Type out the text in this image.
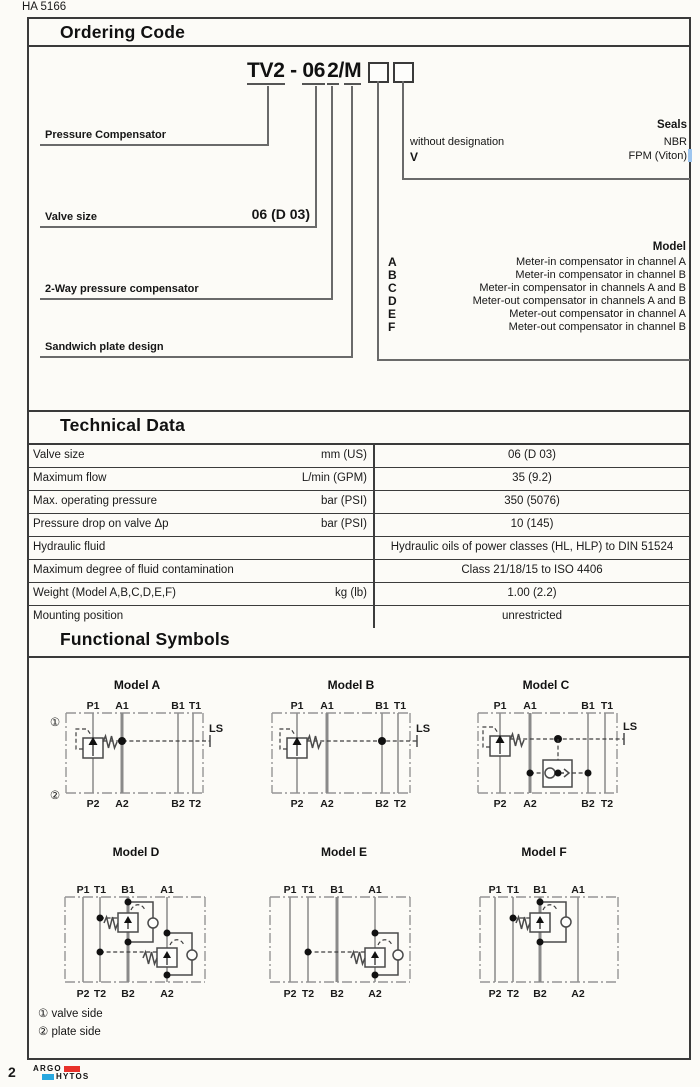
HA 5166
Ordering Code
Technical Data
Functional Symbols
TV2 - 062/M
Pressure Compensator
Valve size	06 (D 03)
2-Way pressure compensator
Sandwich plate design
Seals
without designation	NBR
V	FPM (Viton)
Model
A	Meter-in compensator in channel A
B	Meter-in compensator in channel B
C	Meter-in compensator in channels A and B
D	Meter-out compensator in channels A and B
E	Meter-out compensator in channel A
F	Meter-out compensator in channel B
Valve size	mm (US)	06 (D 03)
Maximum flow	L/min (GPM)	35 (9.2)
Max. operating pressure	bar (PSI)	350 (5076)
Pressure drop on valve Δp	bar (PSI)	10 (145)
Hydraulic fluid	Hydraulic oils of power classes (HL, HLP) to DIN 51524
Maximum degree of fluid contamination	Class 21/18/15 to ISO 4406
Weight (Model A,B,C,D,E,F)	kg (lb)	1.00 (2.2)
Mounting position	unrestricted
Model A	Model B	Model C
Model D	Model E	Model F
①
②
P1 A1	B1 T1
P2 A2	B2 T2
LS
P1 A1	B1 T1
P2 A2	B2 T2
LS
P1 A1	B1 T1
P2 A2	B2 T2
LS
P1 T1 B1 A1
P2 T2 B2 A2
P1 T1 B1 A1
P2 T2 B2 A2
P1 T1 B1 A1
P2 T2 B2 A2
① valve side
② plate side
2 ARGO
HYTOS
